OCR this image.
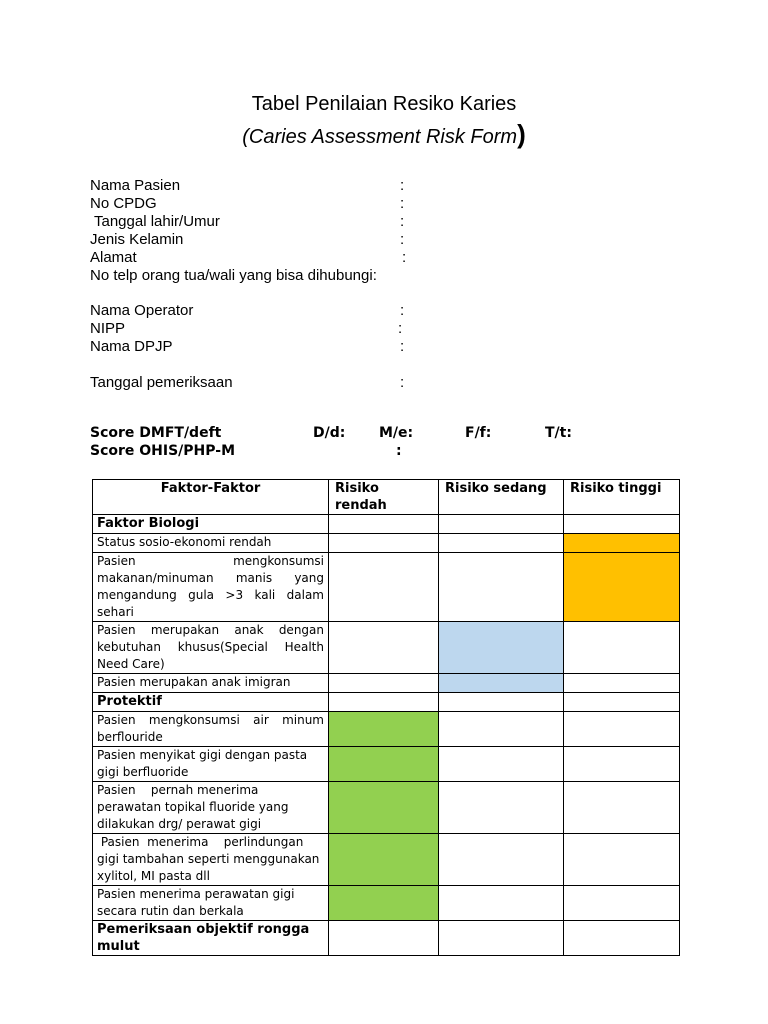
Tabel Penilaian Resiko Karies
(Caries Assessment Risk Form)
Nama Pasien	:
No CPDG	:
Tanggal lahir/Umur	:
Jenis Kelamin	:
Alamat	:
No telp orang tua/wali yang bisa dihubungi:
Nama Operator	:
NIPP	:
Nama DPJP	:
Tanggal pemeriksaan	:
Score DMFT/deft	D/d: M/e:	F/f:	T/t:
Score OHIS/PHP-M	:
Faktor-Faktor	Risiko rendah	Risiko sedang	Risiko tinggi
Faktor Biologi			
Status sosio-ekonomi rendah			
Pasien mengkonsumsi makanan/minuman manis yang mengandung gula >3 kali dalam sehari			
Pasien merupakan anak dengan kebutuhan khusus(Special Health Need Care)			
Pasien merupakan anak imigran			
Protektif			
Pasien mengkonsumsi air minum berflouride			
Pasien menyikat gigi dengan pasta gigi berfluoride			
Pasien    pernah menerima perawatan topikal fluoride yang dilakukan drg/ perawat gigi			
Pasien  menerima    perlindungan gigi tambahan seperti menggunakan xylitol, MI pasta dll			
Pasien menerima perawatan gigi secara rutin dan berkala			
Pemeriksaan objektif rongga mulut			
